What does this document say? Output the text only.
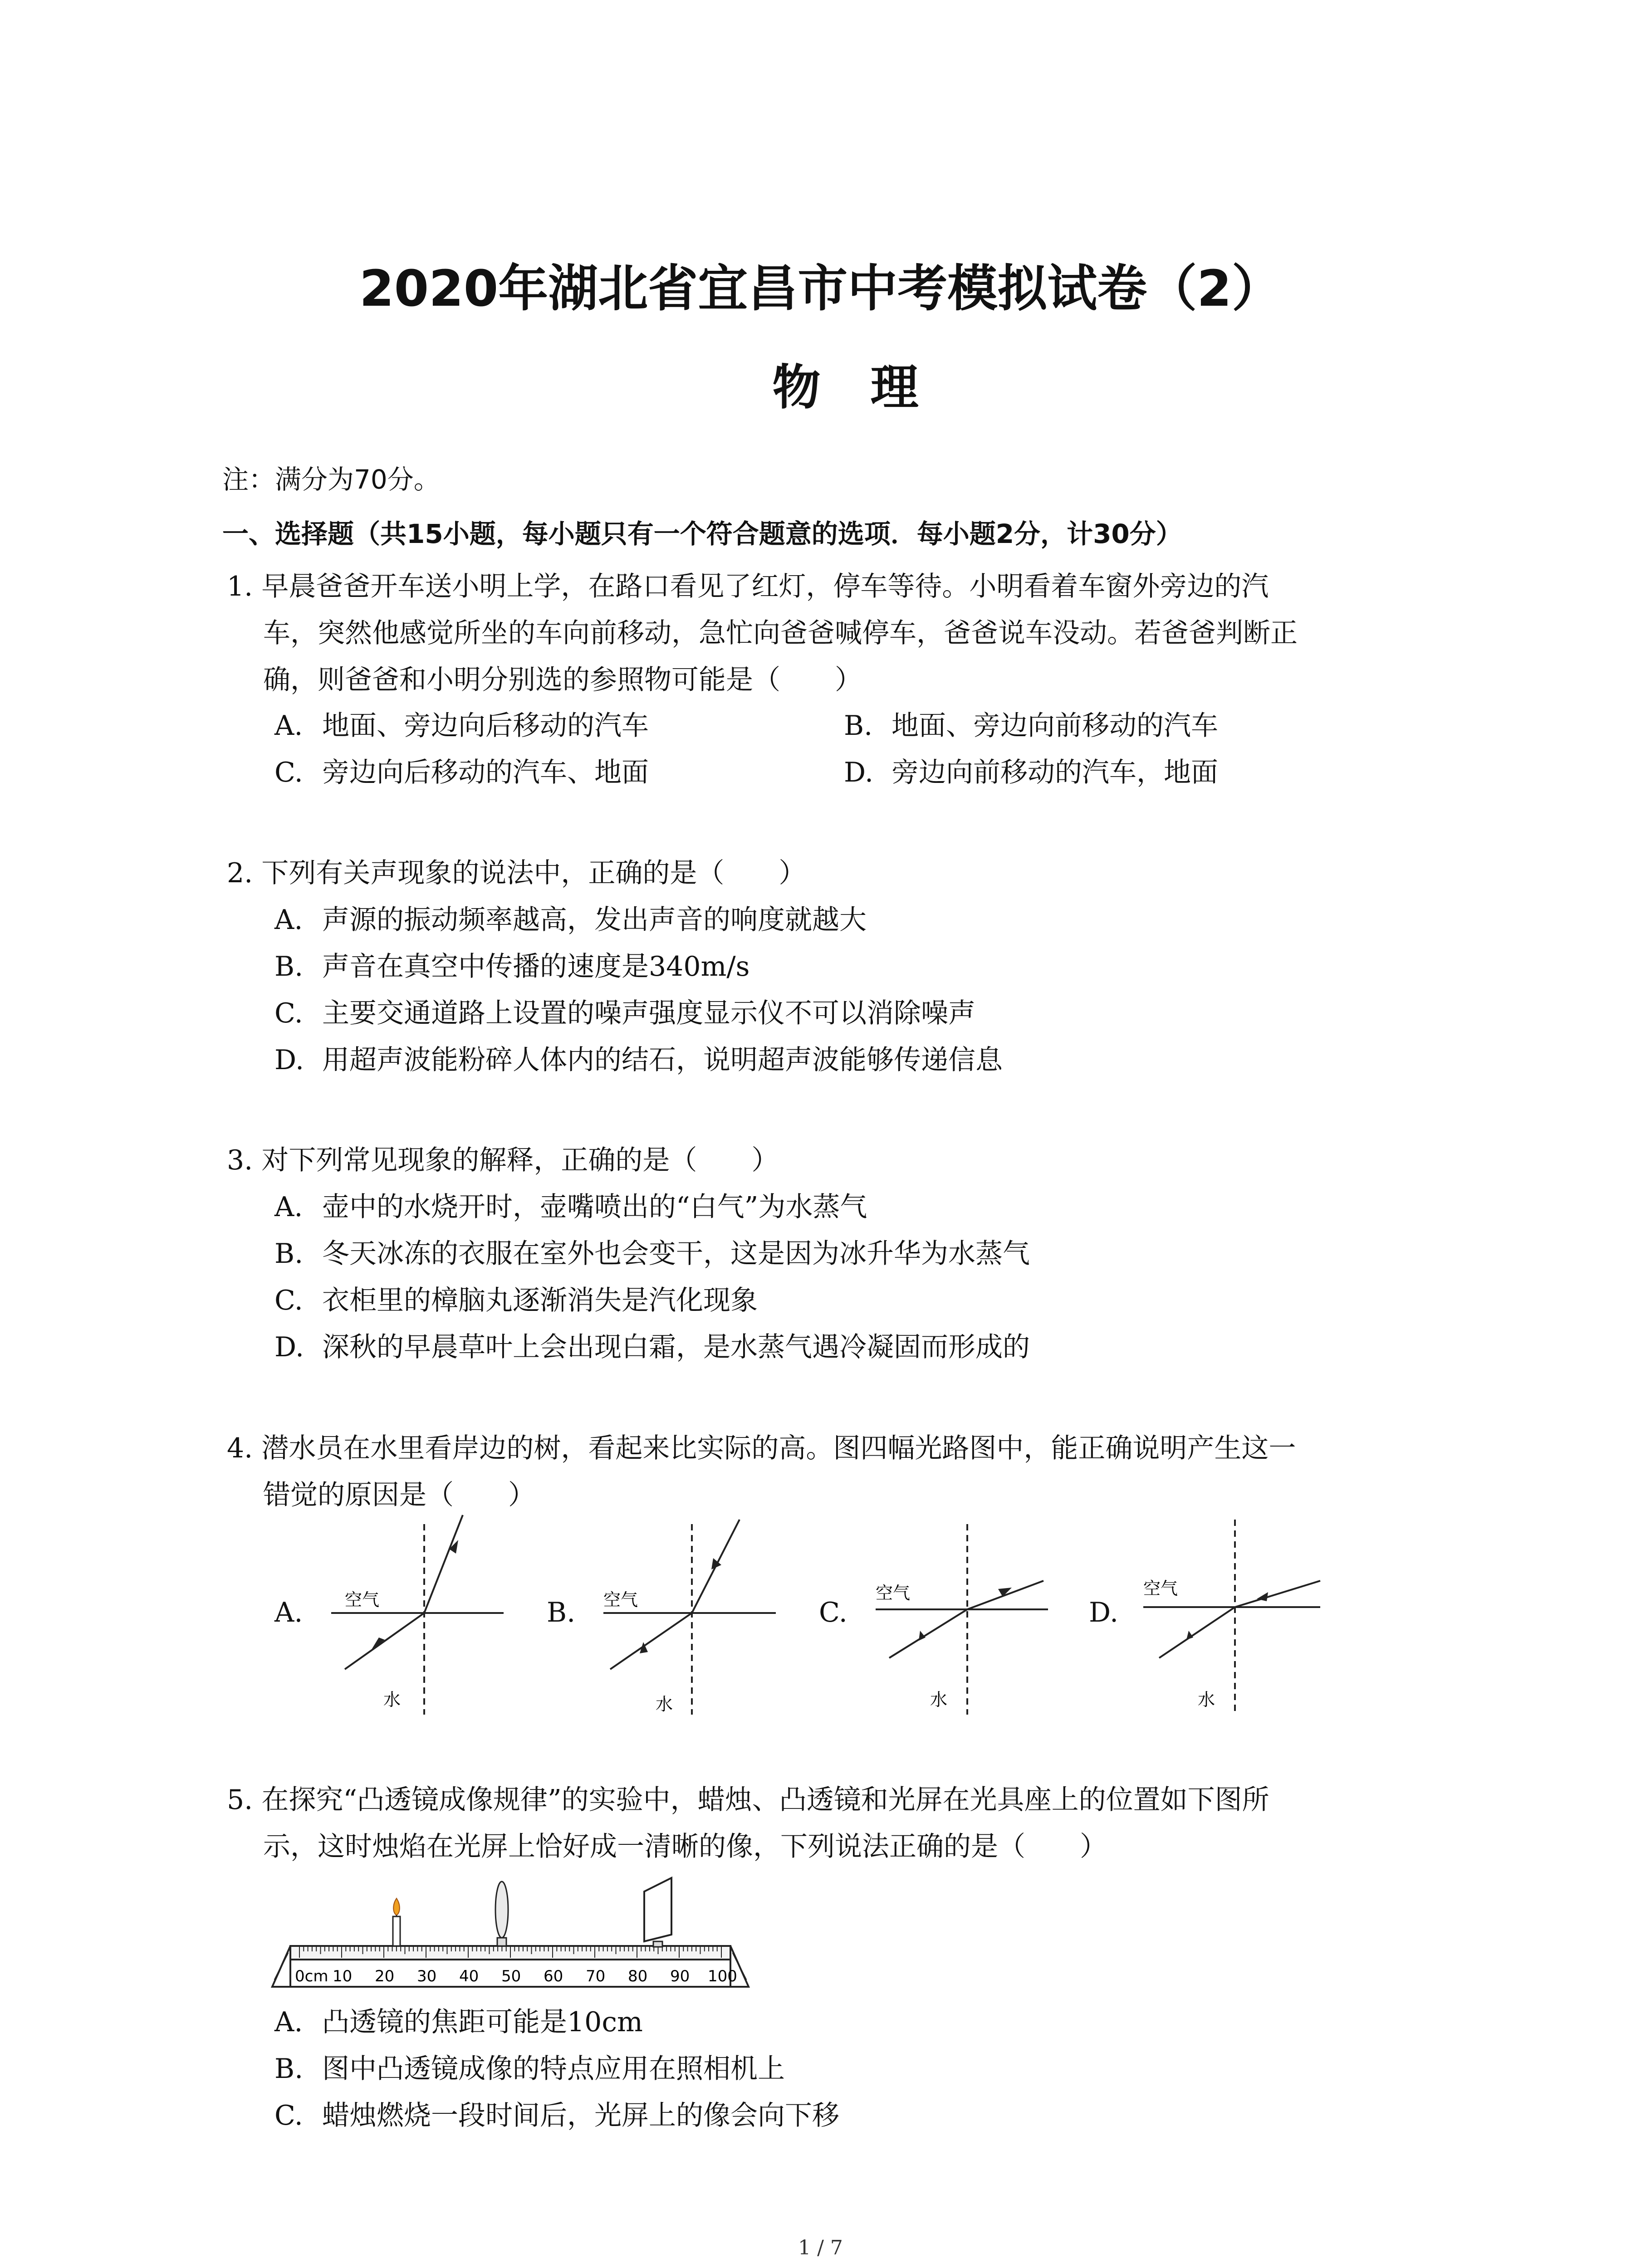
2020年湖北省宜昌市中考模拟试卷（2）
物理
注：满分为70分。
一、选择题（共15小题，每小题只有一个符合题意的选项．每小题2分，计30分）
1. 早晨爸爸开车送小明上学，在路口看见了红灯，停车等待。小明看着车窗外旁边的汽
车，突然他感觉所坐的车向前移动，急忙向爸爸喊停车，爸爸说车没动。若爸爸判断正
确，则爸爸和小明分别选的参照物可能是（　　）
A. 地面、旁边向后移动的汽车	B. 地面、旁边向前移动的汽车
C. 旁边向后移动的汽车、地面	D. 旁边向前移动的汽车，地面
2. 下列有关声现象的说法中，正确的是（　　）
A. 声源的振动频率越高，发出声音的响度就越大
B. 声音在真空中传播的速度是340m/s
C. 主要交通道路上设置的噪声强度显示仪不可以消除噪声
D. 用超声波能粉碎人体内的结石，说明超声波能够传递信息
3. 对下列常见现象的解释，正确的是（　　）
A. 壶中的水烧开时，壶嘴喷出的“白气”为水蒸气
B. 冬天冰冻的衣服在室外也会变干，这是因为冰升华为水蒸气
C. 衣柜里的樟脑丸逐渐消失是汽化现象
D. 深秋的早晨草叶上会出现白霜，是水蒸气遇冷凝固而形成的
4. 潜水员在水里看岸边的树，看起来比实际的高。图四幅光路图中，能正确说明产生这一
错觉的原因是（　　）
A. 空气
水
B. 空气
水
C.
空气
水
D.
空气
水
5. 在探究“凸透镜成像规律”的实验中，蜡烛、凸透镜和光屏在光具座上的位置如下图所
示，这时烛焰在光屏上恰好成一清晰的像，下列说法正确的是（　　）
0cm 10 20 30 40 50 60 70 80 90 100
A. 凸透镜的焦距可能是10cm
B. 图中凸透镜成像的特点应用在照相机上
C. 蜡烛燃烧一段时间后，光屏上的像会向下移
1 / 7
